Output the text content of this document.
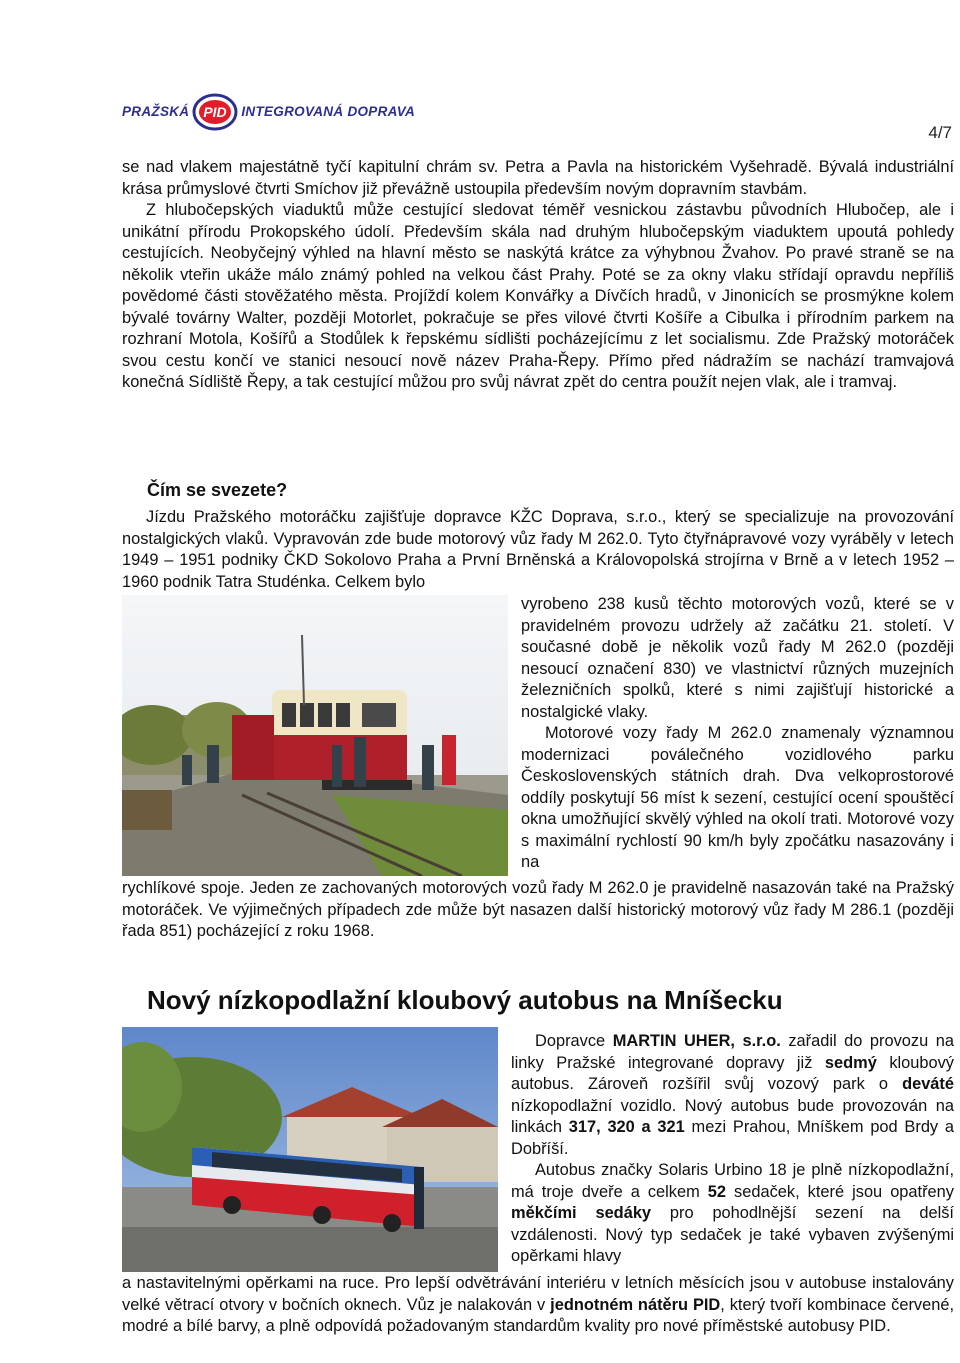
PRAŽSKÁ PID INTEGROVANÁ DOPRAVA
4/7

se nad vlakem majestátně tyčí kapitulní chrám sv. Petra a Pavla na historickém Vyšehradě. Bývalá industriální krása průmyslové čtvrti Smíchov již převážně ustoupila především novým dopravním stavbám.

Z hlubočepských viaduktů může cestující sledovat téměř vesnickou zástavbu původních Hlubočep, ale i unikátní přírodu Prokopského údolí. Především skála nad druhým hlubočepským viaduktem upoutá pohledy cestujících. Neobyčejný výhled na hlavní město se naskýtá krátce za výhybnou Žvahov. Po pravé straně se na několik vteřin ukáže málo známý pohled na velkou část Prahy. Poté se za okny vlaku střídají opravdu nepříliš povědomé části stověžatého města. Projíždí kolem Konvářky a Dívčích hradů, v Jinonicích se prosmýkne kolem bývalé továrny Walter, později Motorlet, pokračuje se přes vilové čtvrti Košíře a Cibulka i přírodním parkem na rozhraní Motola, Košířů a Stodůlek k řepskému sídlišti pocházejícímu z let socialismu. Zde Pražský motoráček svou cestu končí ve stanici nesoucí nově název Praha-Řepy. Přímo před nádražím se nachází tramvajová konečná Sídliště Řepy, a tak cestující můžou pro svůj návrat zpět do centra použít nejen vlak, ale i tramvaj.

Čím se svezete?

Jízdu Pražského motoráčku zajišťuje dopravce KŽC Doprava, s.r.o., který se specializuje na provozování nostalgických vlaků. Vypravován zde bude motorový vůz řady M 262.0. Tyto čtyřnápravové vozy vyráběly v letech 1949 – 1951 podniky ČKD Sokolovo Praha a První Brněnská a Královopolská strojírna v Brně a v letech 1952 – 1960 podnik Tatra Studénka. Celkem bylo

vyrobeno 238 kusů těchto motorových vozů, které se v pravidelném provozu udržely až začátku 21. století. V současné době je několik vozů řady M 262.0 (později nesoucí označení 830) ve vlastnictví různých muzejních železničních spolků, které s nimi zajišťují historické a nostalgické vlaky.

Motorové vozy řady M 262.0 znamenaly významnou modernizaci poválečného vozidlového parku Československých státních drah. Dva velkoprostorové oddíly poskytují 56 míst k sezení, cestující ocení spouštěcí okna umožňující skvělý výhled na okolí trati. Motorové vozy s maximální rychlostí 90 km/h byly zpočátku nasazovány i na

rychlíkové spoje. Jeden ze zachovaných motorových vozů řady M 262.0 je pravidelně nasazován také na Pražský motoráček. Ve výjimečných případech zde může být nasazen další historický motorový vůz řady M 286.1 (později řada 851) pocházející z roku 1968.

Nový nízkopodlažní kloubový autobus na Mníšecku

Dopravce MARTIN UHER, s.r.o. zařadil do provozu na linky Pražské integrované dopravy již sedmý kloubový autobus. Zároveň rozšířil svůj vozový park o deváté nízkopodlažní vozidlo. Nový autobus bude provozován na linkách 317, 320 a 321 mezi Prahou, Mníškem pod Brdy a Dobříší.

Autobus značky Solaris Urbino 18 je plně nízkopodlažní, má troje dveře a celkem 52 sedaček, které jsou opatřeny měkčími sedáky pro pohodlnější sezení na delší vzdálenosti. Nový typ sedaček je také vybaven zvýšenými opěrkami hlavy

a nastavitelnými opěrkami na ruce. Pro lepší odvětrávání interiéru v letních měsících jsou v autobuse instalovány velké větrací otvory v bočních oknech. Vůz je nalakován v jednotném nátěru PID, který tvoří kombinace červené, modré a bílé barvy, a plně odpovídá požadovaným standardům kvality pro nové příměstské autobusy PID.
